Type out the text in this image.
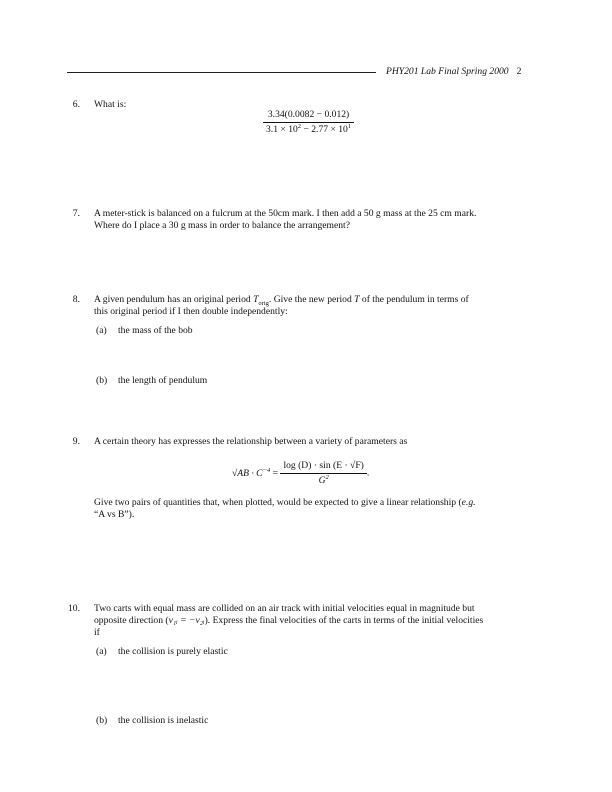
PHY201 Lab Final Spring 2000 2
6. What is:
$\frac{3.34(0.0082 - 0.012)}{3.1 \times 10^2 - 2.77 \times 10^1}$
7. A meter-stick is balanced on a fulcrum at the 50cm mark. I then add a 50 g mass at the 25 cm mark.
Where do I place a 30 g mass in order to balance the arrangement?
8. A given pendulum has an original period $T_{orig}$. Give the new period T of the pendulum in terms of
this original period if I then double independently:
(a) the mass of the bob
(b) the length of pendulum
9. A certain theory has expresses the relationship between a variety of parameters as
$√AB \cdot C^{-4} = \frac{\log (D) \cdot \sin (E \cdot √F)}{G^2}$ .
Give two pairs of quantities that, when plotted, would be expected to give a linear relationship (e.g.
“A vs B”).
10. Two carts with equal mass are collided on an air track with initial velocities equal in magnitude but
opposite direction (v₁ᵢ = −v₂ᵢ). Express the final velocities of the carts in terms of the initial velocities
if
(a) the collision is purely elastic
(b) the collision is inelastic
